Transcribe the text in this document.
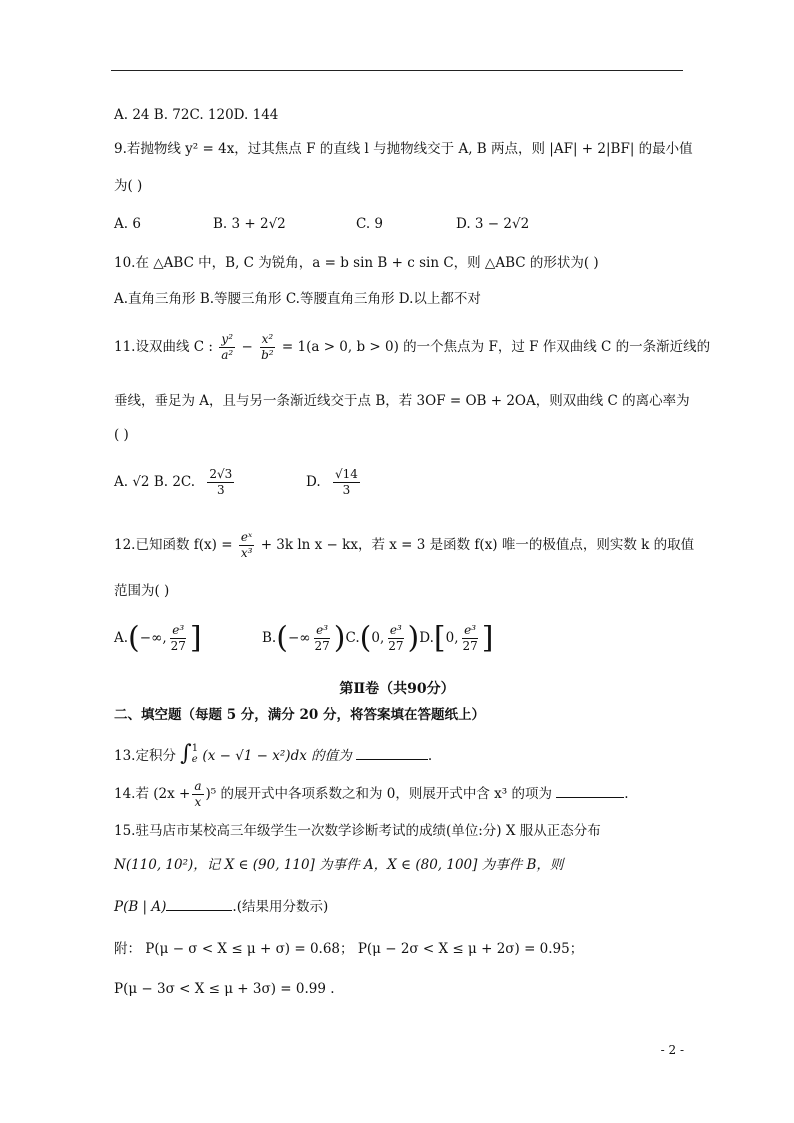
A. 24 B. 72C. 120D. 144
9.若抛物线 y² = 4x，过其焦点 F 的直线 l 与抛物线交于 A, B 两点，则 |AF| + 2|BF| 的最小值
为( )
A. 6	B. 3 + 2√2	C. 9	D. 3 − 2√2
10.在 △ABC 中，B, C 为锐角，a = b sin B + c sin C，则 △ABC 的形状为( )
A.直角三角形 B.等腰三角形 C.等腰直角三角形 D.以上都不对
11.设双曲线 C : $\frac{\text{y²}}{\text{a²}} - \frac{\text{x²}}{\text{b²}} = 1(a > 0$, b > 0) 的一个焦点为 F，过 F 作双曲线 C 的一条渐近线的
垂线，垂足为 A，且与另一条渐近线交于点 B，若 3OF = OB + 2OA，则双曲线 C 的离心率为
( )
A. √2 B. 2C. $\frac{2√3}{3}$	D. $\frac{√14}{3}$
12.已知函数 $f(x) = \frac{\text{eˣ}}{\text{x³}} + 3k$ ln x − kx，若 x = 3 是函数 f(x) 唯一的极值点，则实数 k 的取值
范围为( )
A.(−∞, $\frac{\text{e³}}{27}$ ]	$B.(-\infty \frac{\text{e³}}{27} )C.(0$, $\frac{\text{e³}}{27} )D.[0$, $\frac{\text{e³}}{27}$ ]
第Ⅱ卷（共90分）
二、填空题（每题 5 分，满分 20 分，将答案填在答题纸上）
13.定积分 ∫ 1
e (x − √1 − x²)dx 的值为	.
14.若 $(2x + \frac{a}{x} )^5$ 的展开式中各项系数之和为 0，则展开式中含 x³ 的项为	.
15.驻马店市某校高三年级学生一次数学诊断考试的成绩(单位:分) X 服从正态分布
N(110, 10²)，记 X ∈ (90, 110] 为事件 A，X ∈ (80, 100] 为事件 B，则
P(B | A)	.(结果用分数示)
附： P(μ − σ < X ≤ μ + σ) = 0.68； P(μ − 2σ < X ≤ μ + 2σ) = 0.95；
P(μ − 3σ < X ≤ μ + 3σ) = 0.99 .
- 2 -
